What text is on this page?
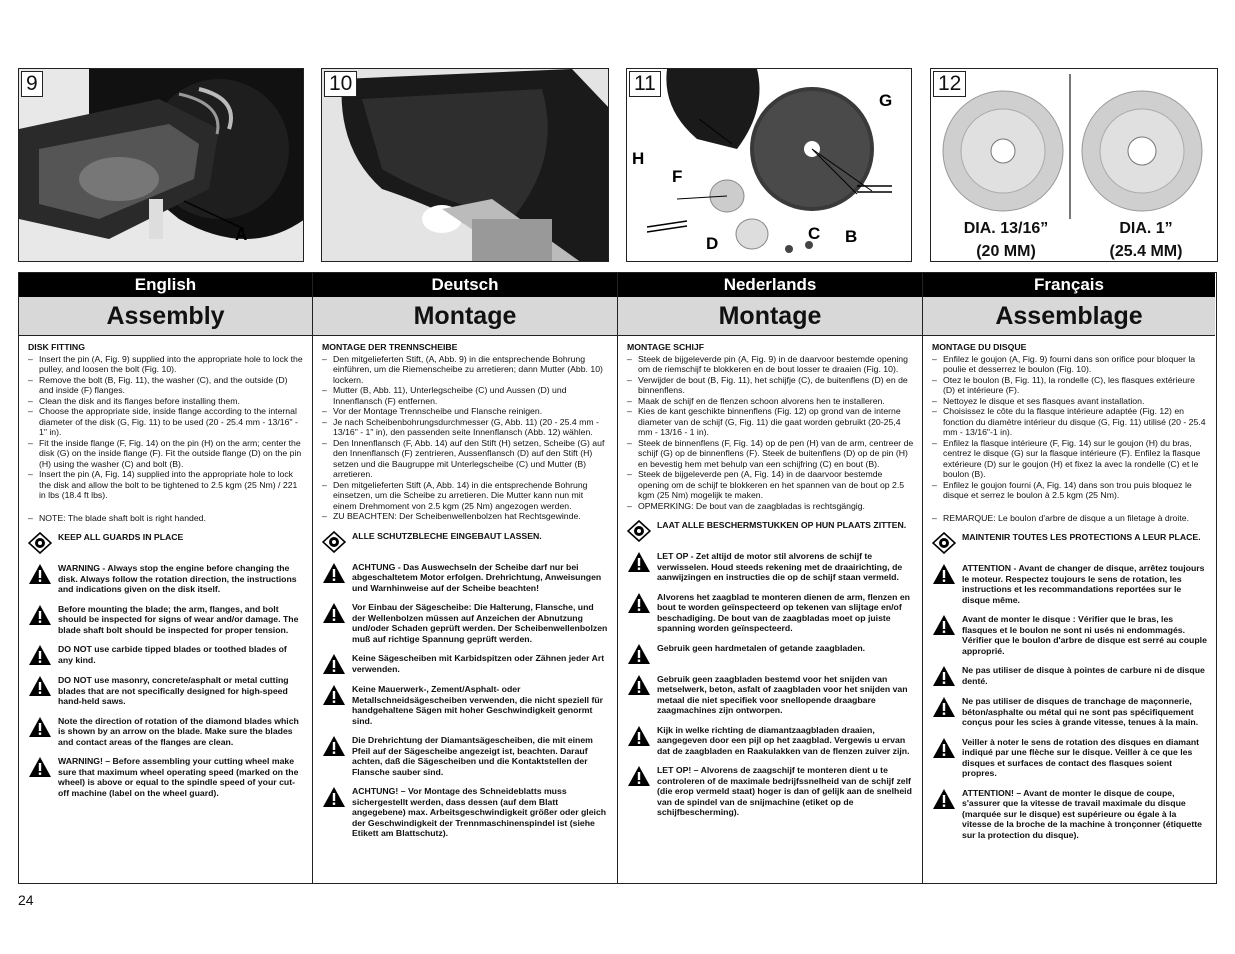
9
A
10	11
G
H
F
C B
D
12
DIA. 13/16”
(20 MM)
DIA. 1”
(25.4 MM)
English
Assembly
DISK FITTING
– Insert the pin (A, Fig. 9) supplied into the appropriate hole to lock the pulley, and loosen the bolt (Fig. 10).
– Remove the bolt (B, Fig. 11), the washer (C), and the outside (D) and inside (F) flanges.
– Clean the disk and its flanges before installing them.
– Choose the appropriate side, inside flange according to the internal diameter of the disk (G, Fig. 11) to be used (20 - 25.4 mm - 13/16" - 1" in).
– Fit the inside flange (F, Fig. 14) on the pin (H) on the arm; center the disk (G) on the inside flange (F). Fit the outside flange (D) on the pin (H) using the washer (C) and bolt (B).
– Insert the pin (A, Fig. 14) supplied into the appropriate hole to lock the disk and allow the bolt to be tightened to 2.5 kgm (25 Nm) / 221 in lbs (18.4 ft lbs).
– NOTE: The blade shaft bolt is right handed.
KEEP ALL GUARDS IN PLACE
WARNING - Always stop the engine before changing the disk. Always follow the rotation direction, the instructions and indications given on the disk itself.
Before mounting the blade; the arm, flanges, and bolt should be inspected for signs of wear and/or damage. The blade shaft bolt should be inspected for proper tension.
DO NOT use carbide tipped blades or toothed blades of any kind.
DO NOT use masonry, concrete/asphalt or metal cutting blades that are not specifically designed for high-speed hand-held saws.
Note the direction of rotation of the diamond blades which is shown by an arrow on the blade. Make sure the blades and contact areas of the flanges are clean.
WARNING! – Before assembling your cutting wheel make sure that maximum wheel operating speed (marked on the wheel) is above or equal to the spindle speed of your cut-off machine (label on the wheel guard).
Deutsch
Montage
MONTAGE DER TRENNSCHEIBE
– Den mitgelieferten Stift, (A, Abb. 9) in die entsprechende Bohrung einführen, um die Riemenscheibe zu arretieren; dann Mutter (Abb. 10) lockern.
– Mutter (B, Abb. 11), Unterlegscheibe (C) und Aussen (D) und Innenflansch (F) entfernen.
– Vor der Montage Trennscheibe und Flansche reinigen.
– Je nach Scheibenbohrungsdurchmesser (G, Abb. 11) (20 - 25.4 mm - 13/16" - 1" in), den passenden seite Innenflansch (Abb. 12) wählen.
– Den Innenflansch (F, Abb. 14) auf den Stift (H) setzen, Scheibe (G) auf den Innenflansch (F) zentrieren, Aussenflansch (D) auf den Stift (H) setzen und die Baugruppe mit Unterlegscheibe (C) und Mutter (B) arretieren.
– Den mitgelieferten Stift (A, Abb. 14) in die entsprechende Bohrung einsetzen, um die Scheibe zu arretieren. Die Mutter kann nun mit einem Drehmoment von 2.5 kgm (25 Nm) angezogen werden.
– ZU BEACHTEN: Der Scheibenwellenbolzen hat Rechtsgewinde.
ALLE SCHUTZBLECHE EINGEBAUT LASSEN.
ACHTUNG - Das Auswechseln der Scheibe darf nur bei abgeschaltetem Motor erfolgen. Drehrichtung, Anweisungen und Warnhinweise auf der Scheibe beachten!
Vor Einbau der Sägescheibe: Die Halterung, Flansche, und der Wellenbolzen müssen auf Anzeichen der Abnutzung und/oder Schaden geprüft werden. Der Scheibenwellenbolzen muß auf richtige Spannung geprüft werden.
Keine Sägescheiben mit Karbidspitzen oder Zähnen jeder Art verwenden.
Keine Mauerwerk-, Zement/Asphalt- oder Metallschneidsägescheiben verwenden, die nicht speziell für handgehaltene Sägen mit hoher Geschwindigkeit genormt sind.
Die Drehrichtung der Diamantsägescheiben, die mit einem Pfeil auf der Sägescheibe angezeigt ist, beachten. Darauf achten, daß die Sägescheiben und die Kontaktstellen der Flansche sauber sind.
ACHTUNG! – Vor Montage des Schneideblatts muss sichergestellt werden, dass dessen (auf dem Blatt angegebene) max. Arbeitsgeschwindigkeit größer oder gleich der Geschwindigkeit der Trennmaschinenspindel ist (siehe Etikett am Blattschutz).
Nederlands
Montage
MONTAGE SCHIJF
– Steek de bijgeleverde pin (A, Fig. 9) in de daarvoor bestemde opening om de riemschijf te blokkeren en de bout losser te draaien (Fig. 10).
– Verwijder de bout (B, Fig. 11), het schijfje (C), de buitenflens (D) en de binnenflens.
– Maak de schijf en de flenzen schoon alvorens hen te installeren.
– Kies de kant geschikte binnenflens (Fig. 12) op grond van de interne diameter van de schijf (G, Fig. 11) die gaat worden gebruikt (20-25,4 mm - 13/16 - 1 in).
– Steek de binnenflens (F, Fig. 14) op de pen (H) van de arm, centreer de schijf (G) op de binnenflens (F). Steek de buitenflens (D) op de pin (H) en bevestig hem met behulp van een schijfring (C) en bout (B).
– Steek de bijgeleverde pen (A, Fig. 14) in de daarvoor bestemde opening om de schijf te blokkeren en het spannen van de bout op 2.5 kgm (25 Nm) mogelijk te maken.
– OPMERKING: De bout van de zaagbladas is rechtsgängig.
LAAT ALLE BESCHERMSTUKKEN OP HUN PLAATS ZITTEN.
LET OP - Zet altijd de motor stil alvorens de schijf te verwisselen. Houd steeds rekening met de draairichting, de aanwijzingen en instructies die op de schijf staan vermeld.
Alvorens het zaagblad te monteren dienen de arm, flenzen en bout te worden geïnspecteerd op tekenen van slijtage en/of beschadiging. De bout van de zaagbladas moet op juiste spanning worden geïnspecteerd.
Gebruik geen hardmetalen of getande zaagbladen.
Gebruik geen zaagbladen bestemd voor het snijden van metselwerk, beton, asfalt of zaagbladen voor het snijden van metaal die niet specifiek voor snellopende draagbare zaagmachines zijn ontworpen.
Kijk in welke richting de diamantzaagbladen draaien, aangegeven door een pijl op het zaagblad. Vergewis u ervan dat de zaagbladen en Raakulakken van de flenzen zuiver zijn.
LET OP! – Alvorens de zaagschijf te monteren dient u te controleren of de maximale bedrijfssnelheid van de schijf zelf (die erop vermeld staat) hoger is dan of gelijk aan de snelheid van de spindel van de snijmachine (etiket op de schijfbescherming).
Français
Assemblage
MONTAGE DU DISQUE
– Enfilez le goujon (A, Fig. 9) fourni dans son orifice pour bloquer la poulie et desserrez le boulon (Fig. 10).
– Otez le boulon (B, Fig. 11), la rondelle (C), les flasques extérieure (D) et intérieure (F).
– Nettoyez le disque et ses flasques avant installation.
– Choisissez le côte du la flasque intérieure adaptée (Fig. 12) en fonction du diamètre intérieur du disque (G, Fig. 11) utilisé (20 - 25.4 mm - 13/16"-1 in).
– Enfilez la flasque intérieure (F, Fig. 14) sur le goujon (H) du bras, centrez le disque (G) sur la flasque intérieure (F). Enfilez la flasque extérieure (D) sur le goujon (H) et fixez la avec la rondelle (C) et le boulon (B).
– Enfilez le goujon fourni (A, Fig. 14) dans son trou puis bloquez le disque et serrez le boulon à 2.5 kgm (25 Nm).
– REMARQUE: Le boulon d'arbre de disque a un filetage à droite.
MAINTENIR TOUTES LES PROTECTIONS A LEUR PLACE.
ATTENTION - Avant de changer de disque, arrêtez toujours le moteur. Respectez toujours le sens de rotation, les instructions et les recommandations reportées sur le disque même.
Avant de monter le disque : Vérifier que le bras, les flasques et le boulon ne sont ni usés ni endommagés. Vérifier que le boulon d'arbre de disque est serré au couple approprié.
Ne pas utiliser de disque à pointes de carbure ni de disque denté.
Ne pas utiliser de disques de tranchage de maçonnerie, béton/asphalte ou métal qui ne sont pas spécifiquement conçus pour les scies à grande vitesse, tenues à la main.
Veiller à noter le sens de rotation des disques en diamant indiqué par une flèche sur le disque. Veiller à ce que les disques et surfaces de contact des flasques soient propres.
ATTENTION! – Avant de monter le disque de coupe, s'assurer que la vitesse de travail maximale du disque (marquée sur le disque) est supérieure ou égale à la vitesse de la broche de la machine à tronçonner (étiquette sur la protection du disque).
24
